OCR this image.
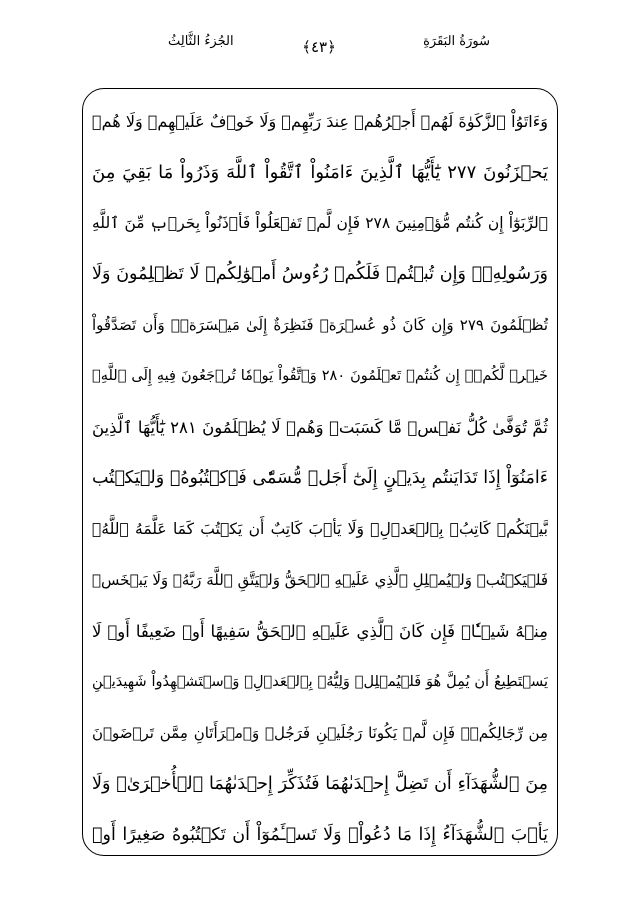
سُورَةُ البَقَرَةِ
﴿٤٣﴾
الجُزءُ الثَّالِثُ
وَءَاتَوُاْ ٱلزَّكَوٰةَ لَهُمۡ أَجۡرُهُمۡ عِندَ رَبِّهِمۡ وَلَا خَوۡفٌ عَلَيۡهِمۡ وَلَا هُمۡ
يَحۡزَنُونَ ٢٧٧ يَٰٓأَيُّهَا ٱلَّذِينَ ءَامَنُواْ ٱتَّقُواْ ٱللَّهَ وَذَرُواْ مَا بَقِيَ مِنَ
ٱلرِّبَوٰٓاْ إِن كُنتُم مُّؤۡمِنِينَ ٢٧٨ فَإِن لَّمۡ تَفۡعَلُواْ فَأۡذَنُواْ بِحَرۡبٖ مِّنَ ٱللَّهِ
وَرَسُولِهِۦۖ وَإِن تُبۡتُمۡ فَلَكُمۡ رُءُوسُ أَمۡوَٰلِكُمۡ لَا تَظۡلِمُونَ وَلَا
تُظۡلَمُونَ ٢٧٩ وَإِن كَانَ ذُو عُسۡرَةٖ فَنَظِرَةٌ إِلَىٰ مَيۡسَرَةٖۚ وَأَن تَصَدَّقُواْ
خَيۡرٞ لَّكُمۡۖ إِن كُنتُمۡ تَعۡلَمُونَ ٢٨٠ وَٱتَّقُواْ يَوۡمٗا تُرۡجَعُونَ فِيهِ إِلَى ٱللَّهِۖ
ثُمَّ تُوَفَّىٰ كُلُّ نَفۡسٖ مَّا كَسَبَتۡ وَهُمۡ لَا يُظۡلَمُونَ ٢٨١ يَٰٓأَيُّهَا ٱلَّذِينَ
ءَامَنُوٓاْ إِذَا تَدَايَنتُم بِدَيۡنٍ إِلَىٰٓ أَجَلٖ مُّسَمّٗى فَٱكۡتُبُوهُۚ وَلۡيَكۡتُب
بَّيۡنَكُمۡ كَاتِبُۢ بِٱلۡعَدۡلِۚ وَلَا يَأۡبَ كَاتِبٌ أَن يَكۡتُبَ كَمَا عَلَّمَهُ ٱللَّهُۚ
فَلۡيَكۡتُبۡ وَلۡيُمۡلِلِ ٱلَّذِي عَلَيۡهِ ٱلۡحَقُّ وَلۡيَتَّقِ ٱللَّهَ رَبَّهُۥ وَلَا يَبۡخَسۡ
مِنۡهُ شَيۡـٔٗاۚ فَإِن كَانَ ٱلَّذِي عَلَيۡهِ ٱلۡحَقُّ سَفِيهًا أَوۡ ضَعِيفًا أَوۡ لَا
يَسۡتَطِيعُ أَن يُمِلَّ هُوَ فَلۡيُمۡلِلۡ وَلِيُّهُۥ بِٱلۡعَدۡلِۚ وَٱسۡتَشۡهِدُواْ شَهِيدَيۡنِ
مِن رِّجَالِكُمۡۖ فَإِن لَّمۡ يَكُونَا رَجُلَيۡنِ فَرَجُلٞ وَٱمۡرَأَتَانِ مِمَّن تَرۡضَوۡنَ
مِنَ ٱلشُّهَدَآءِ أَن تَضِلَّ إِحۡدَىٰهُمَا فَتُذَكِّرَ إِحۡدَىٰهُمَا ٱلۡأُخۡرَىٰۚ وَلَا
يَأۡبَ ٱلشُّهَدَآءُ إِذَا مَا دُعُواْۚ وَلَا تَسۡـَٔمُوٓاْ أَن تَكۡتُبُوهُ صَغِيرًا أَوۡ
